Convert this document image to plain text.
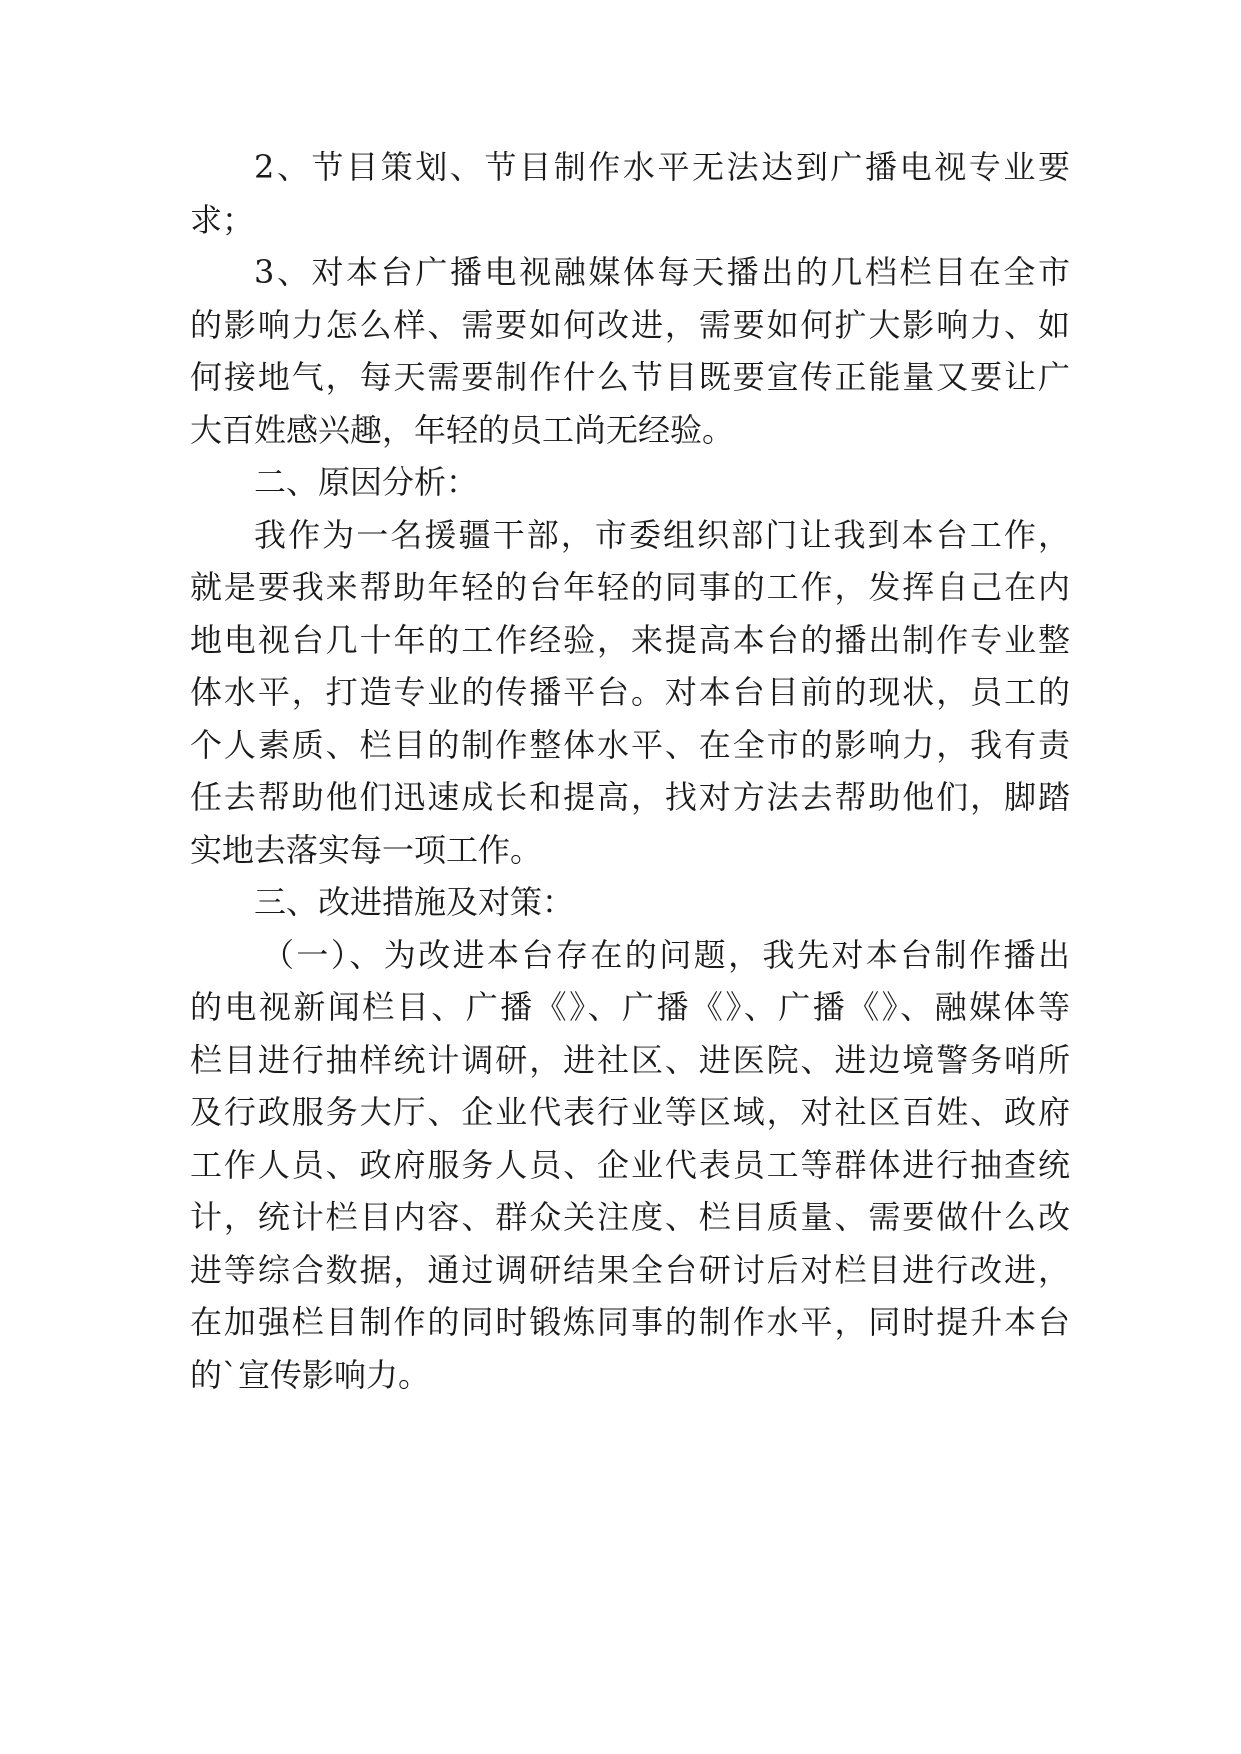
2、节目策划、节目制作水平无法达到广播电视专业要
求；
3、对本台广播电视融媒体每天播出的几档栏目在全市
的影响力怎么样、需要如何改进，需要如何扩大影响力、如
何接地气，每天需要制作什么节目既要宣传正能量又要让广
大百姓感兴趣，年轻的员工尚无经验。
二、原因分析：
我作为一名援疆干部，市委组织部门让我到本台工作，
就是要我来帮助年轻的台年轻的同事的工作，发挥自己在内
地电视台几十年的工作经验，来提高本台的播出制作专业整
体水平，打造专业的传播平台。对本台目前的现状，员工的
个人素质、栏目的制作整体水平、在全市的影响力，我有责
任去帮助他们迅速成长和提高，找对方法去帮助他们，脚踏
实地去落实每一项工作。
三、改进措施及对策：
（一）、为改进本台存在的问题，我先对本台制作播出
的电视新闻栏目、广播《》、广播《》、广播《》、融媒体等
栏目进行抽样统计调研，进社区、进医院、进边境警务哨所
及行政服务大厅、企业代表行业等区域，对社区百姓、政府
工作人员、政府服务人员、企业代表员工等群体进行抽查统
计，统计栏目内容、群众关注度、栏目质量、需要做什么改
进等综合数据，通过调研结果全台研讨后对栏目进行改进，
在加强栏目制作的同时锻炼同事的制作水平，同时提升本台
的`宣传影响力。
